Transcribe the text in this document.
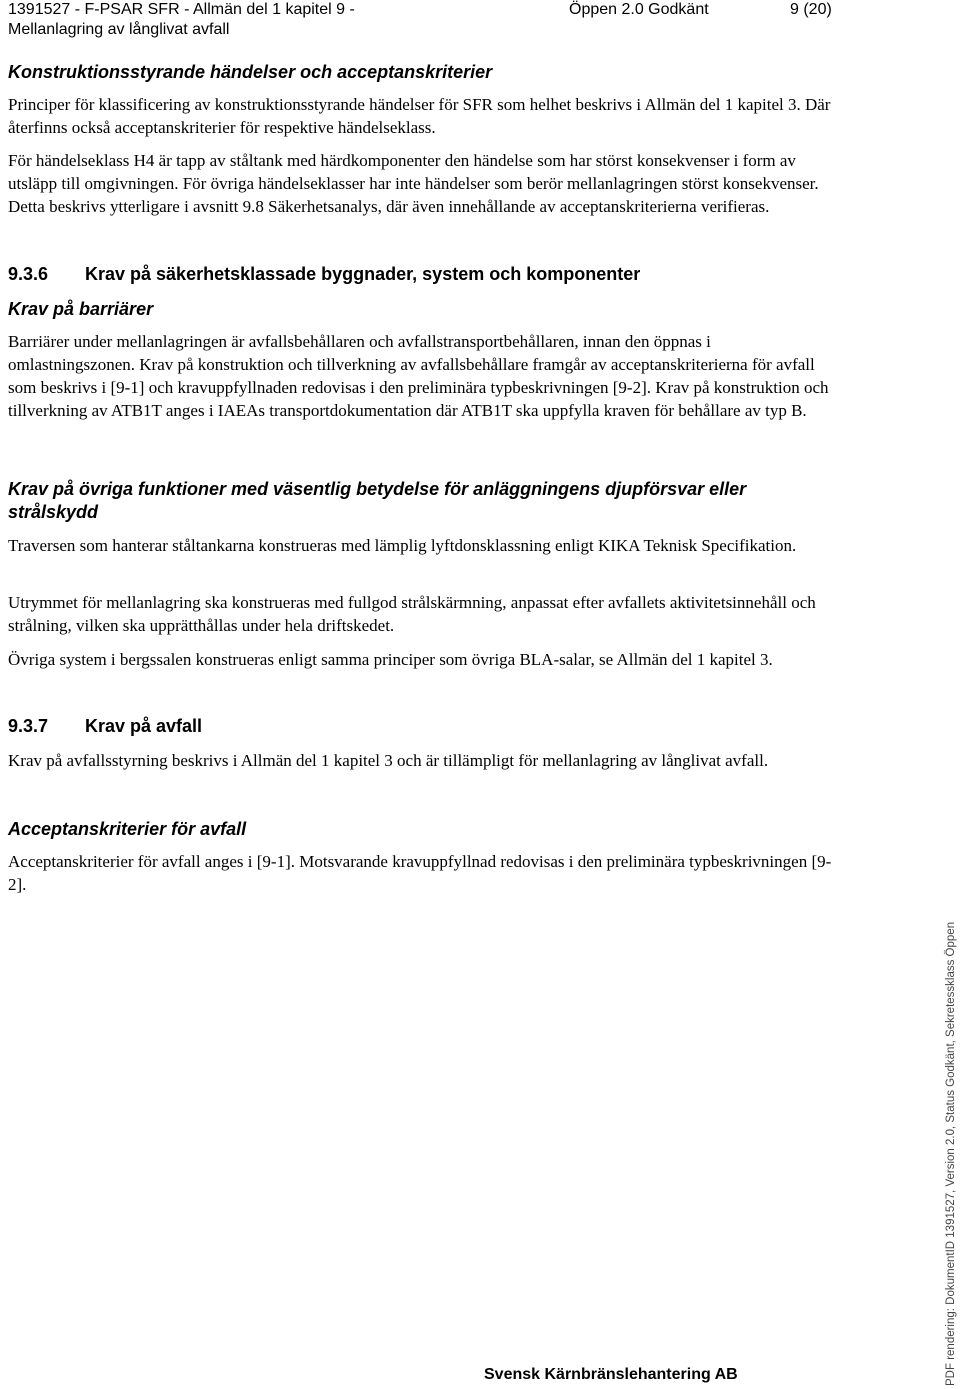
1391527 - F-PSAR SFR - Allmän del 1 kapitel 9 -
Mellanlagring av långlivat avfall
Öppen 2.0 Godkänt	9 (20)
Konstruktionsstyrande händelser och acceptanskriterier

Principer för klassificering av konstruktionsstyrande händelser för SFR som helhet beskrivs i Allmän del 1 kapitel 3. Där återfinns också acceptanskriterier för respektive händelseklass.

För händelseklass H4 är tapp av ståltank med härdkomponenter den händelse som har störst konsekvenser i form av utsläpp till omgivningen. För övriga händelseklasser har inte händelser som berör mellanlagringen störst konsekvenser. Detta beskrivs ytterligare i avsnitt 9.8 Säkerhetsanalys, där även innehållande av acceptanskriterierna verifieras.

9.3.6 Krav på säkerhetsklassade byggnader, system och komponenter
Krav på barriärer

Barriärer under mellanlagringen är avfallsbehållaren och avfallstransportbehållaren, innan den öppnas i omlastningszonen. Krav på konstruktion och tillverkning av avfallsbehållare framgår av acceptanskriterierna för avfall som beskrivs i [9-1] och kravuppfyllnaden redovisas i den preliminära typbeskrivningen [9-2]. Krav på konstruktion och tillverkning av ATB1T anges i IAEAs transportdokumentation där ATB1T ska uppfylla kraven för behållare av typ B.

Krav på övriga funktioner med väsentlig betydelse för anläggningens djupförsvar eller strålskydd

Traversen som hanterar ståltankarna konstrueras med lämplig lyftdonsklassning enligt KIKA Teknisk Specifikation.

Utrymmet för mellanlagring ska konstrueras med fullgod strålskärmning, anpassat efter avfallets aktivitetsinnehåll och strålning, vilken ska upprätthållas under hela driftskedet.

Övriga system i bergssalen konstrueras enligt samma principer som övriga BLA-salar, se Allmän del 1 kapitel 3.

9.3.7 Krav på avfall

Krav på avfallsstyrning beskrivs i Allmän del 1 kapitel 3 och är tillämpligt för mellanlagring av långlivat avfall.

Acceptanskriterier för avfall

Acceptanskriterier för avfall anges i [9-1]. Motsvarande kravuppfyllnad redovisas i den preliminära typbeskrivningen [9-2].

Svensk Kärnbränslehantering AB	PDF rendering: DokumentID 1391527, Version 2.0, Status Godkänt, Sekretessklass Öppen
